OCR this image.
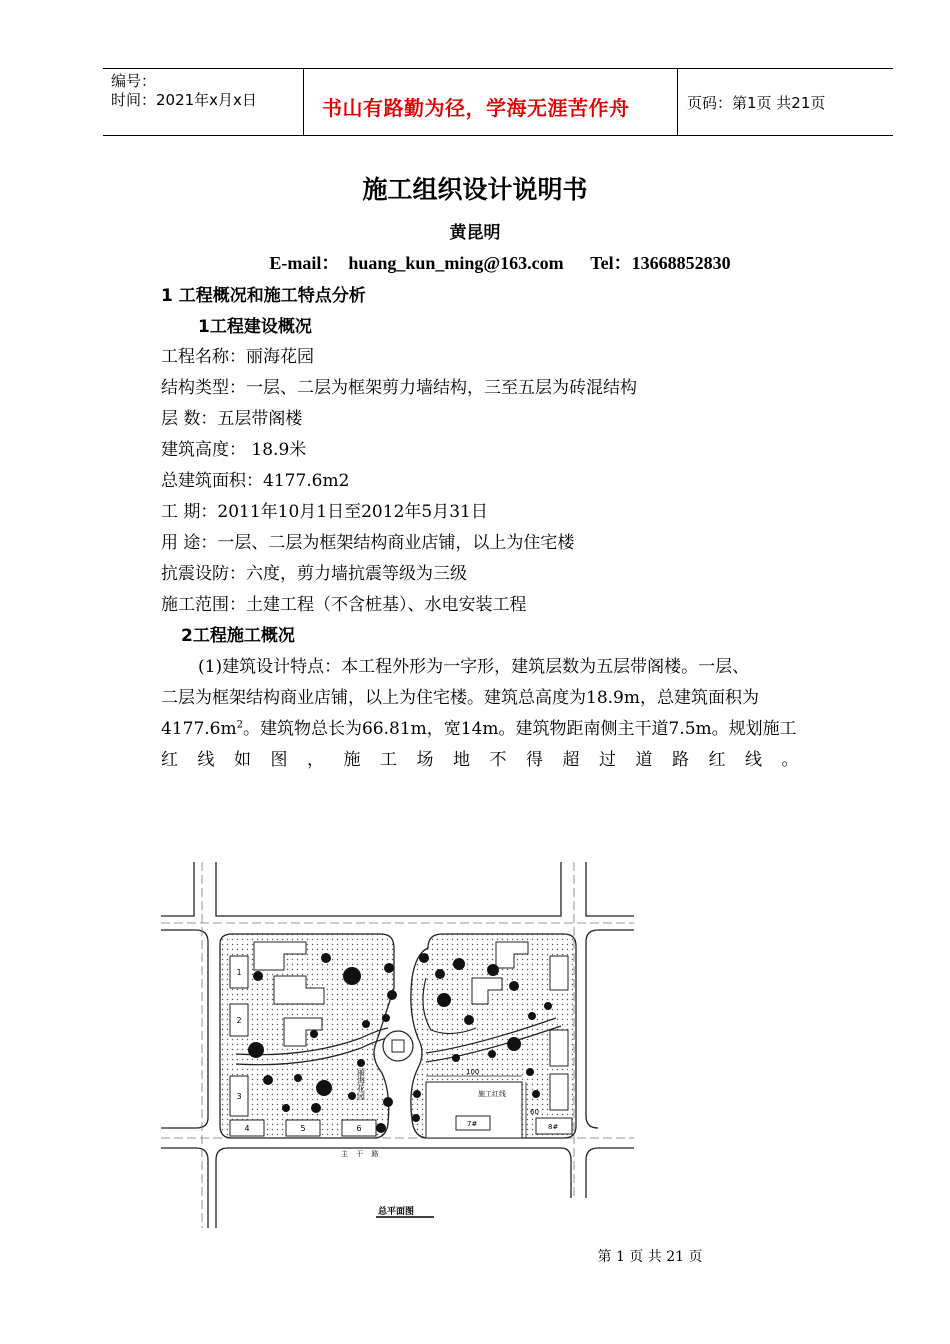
编号：
时间：2021年x月x日	书山有路勤为径，学海无涯苦作舟	页码：第1页 共21页
施工组织设计说明书
黄昆明
E-mail：  huang_kun_ming@163.com      Tel：13668852830
1 工程概况和施工特点分析
1工程建设概况
工程名称：丽海花园
结构类型：一层、二层为框架剪力墙结构，三至五层为砖混结构
层 数：五层带阁楼
建筑高度： 18.9米
总建筑面积：4177.6m2
工 期：2011年10月1日至2012年5月31日
用 途：一层、二层为框架结构商业店铺，以上为住宅楼
抗震设防：六度，剪力墙抗震等级为三级
施工范围：土建工程（不含桩基）、水电安装工程
2工程施工概况
(1)建筑设计特点：本工程外形为一字形，建筑层数为五层带阁楼。一层、
二层为框架结构商业店铺，以上为住宅楼。建筑总高度为18.9m，总建筑面积为
$4177.6m^2$。建筑物总长为66.81m，宽14m。建筑物距南侧主干道7.5m。规划施工
红线如图，施工场地不得超过道路红线。
1
2
3
4	5	6
100
60
施工红线
7#	8#
主 干 路
丽海花园
总平面图
第 1 页 共 21 页
